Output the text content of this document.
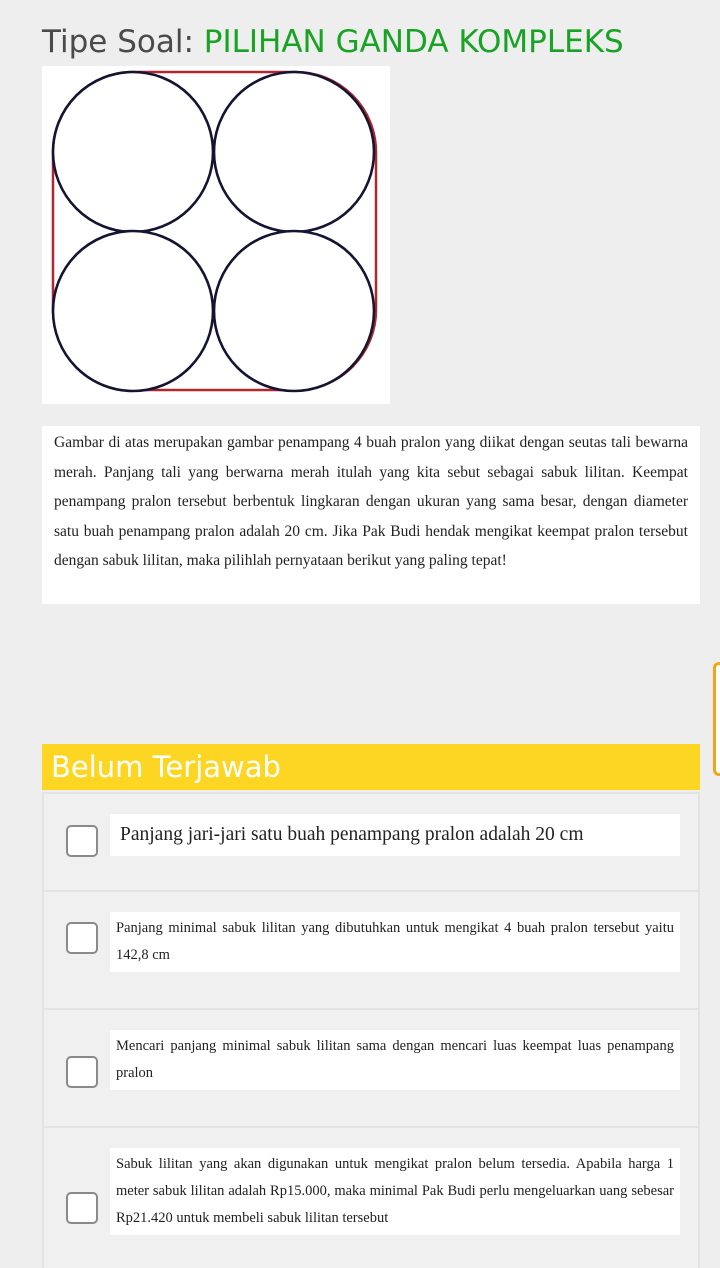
Tipe Soal: PILIHAN GANDA KOMPLEKS

Gambar di atas merupakan gambar penampang 4 buah pralon yang diikat dengan seutas tali bewarna merah. Panjang tali yang berwarna merah itulah yang kita sebut sebagai sabuk lilitan. Keempat penampang pralon tersebut berbentuk lingkaran dengan ukuran yang sama besar, dengan diameter satu buah penampang pralon adalah 20 cm. Jika Pak Budi hendak mengikat keempat pralon tersebut dengan sabuk lilitan, maka pilihlah pernyataan berikut yang paling tepat!

Belum Terjawab
Panjang jari-jari satu buah penampang pralon adalah 20 cm
Panjang minimal sabuk lilitan yang dibutuhkan untuk mengikat 4 buah pralon tersebut yaitu 142,8 cm
Mencari panjang minimal sabuk lilitan sama dengan mencari luas keempat luas penampang pralon
Sabuk lilitan yang akan digunakan untuk mengikat pralon belum tersedia. Apabila harga 1 meter sabuk lilitan adalah Rp15.000, maka minimal Pak Budi perlu mengeluarkan uang sebesar Rp21.420 untuk membeli sabuk lilitan tersebut
